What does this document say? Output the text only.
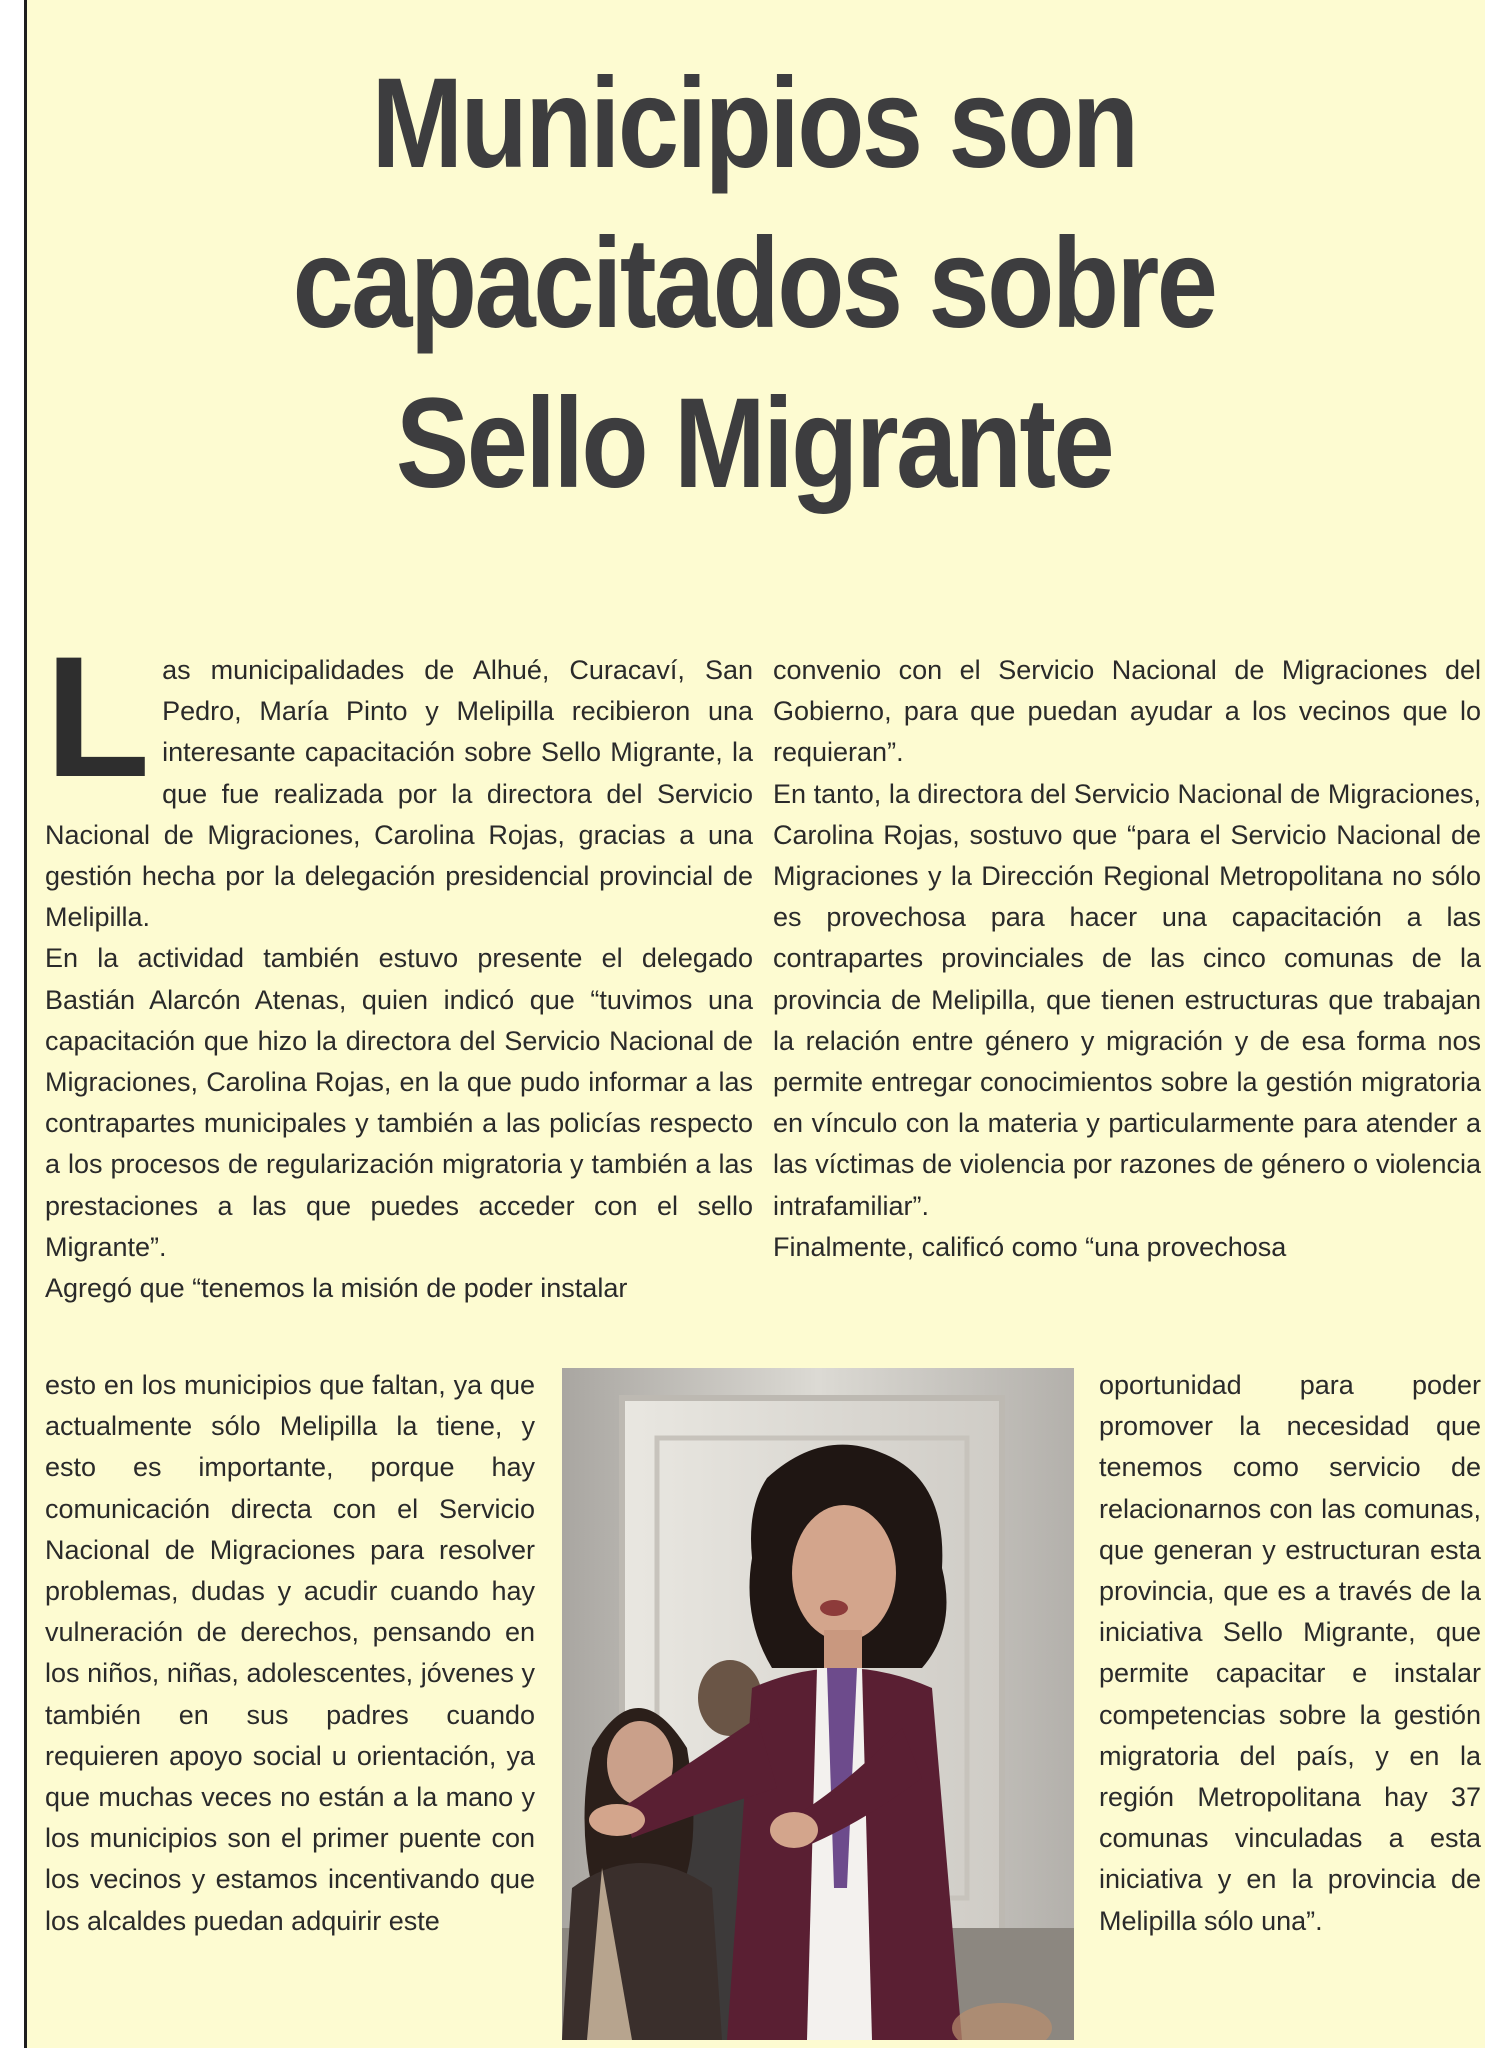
Municipios son
capacitados sobre
Sello Migrante

Las municipalidades de Alhué, Curacaví, San Pedro, María Pinto y Melipilla recibieron una interesante capacitación sobre Sello Migrante, la que fue realizada por la directora del Servicio Nacional de Migraciones, Carolina Rojas, gracias a una gestión hecha por la delegación presidencial provincial de Melipilla.

En la actividad también estuvo presente el delegado Bastián Alarcón Atenas, quien indicó que “tuvimos una capacitación que hizo la directora del Servicio Nacional de Migraciones, Carolina Rojas, en la que pudo informar a las contrapartes municipales y también a las policías respecto a los procesos de regularización migratoria y también a las prestaciones a las que puedes acceder con el sello Migrante”.

Agregó que “tenemos la misión de poder instalar

esto en los municipios que faltan, ya que actualmente sólo Melipilla la tiene, y esto es importante, porque hay comunicación directa con el Servicio Nacional de Migraciones para resolver problemas, dudas y acudir cuando hay vulneración de derechos, pensando en los niños, niñas, adolescentes, jóvenes y también en sus padres cuando requieren apoyo social u orientación, ya que muchas veces no están a la mano y los municipios son el primer puente con los vecinos y estamos incentivando que los alcaldes puedan adquirir este

convenio con el Servicio Nacional de Migraciones del Gobierno, para que puedan ayudar a los vecinos que lo requieran”.

En tanto, la directora del Servicio Nacional de Migraciones, Carolina Rojas, sostuvo que “para el Servicio Nacional de Migraciones y la Dirección Regional Metropolitana no sólo es provechosa para hacer una capacitación a las contrapartes provinciales de las cinco comunas de la provincia de Melipilla, que tienen estructuras que trabajan la relación entre género y migración y de esa forma nos permite entregar conocimientos sobre la gestión migratoria en vínculo con la materia y particularmente para atender a las víctimas de violencia por razones de género o violencia intrafamiliar”.

Finalmente, calificó como “una provechosa

oportunidad para poder promover la necesidad que tenemos como servicio de relacionarnos con las comunas, que generan y estructuran esta provincia, que es a través de la iniciativa Sello Migrante, que permite capacitar e instalar competencias sobre la gestión migratoria del país, y en la región Metropolitana hay 37 comunas vinculadas a esta iniciativa y en la provincia de Melipilla sólo una”.
